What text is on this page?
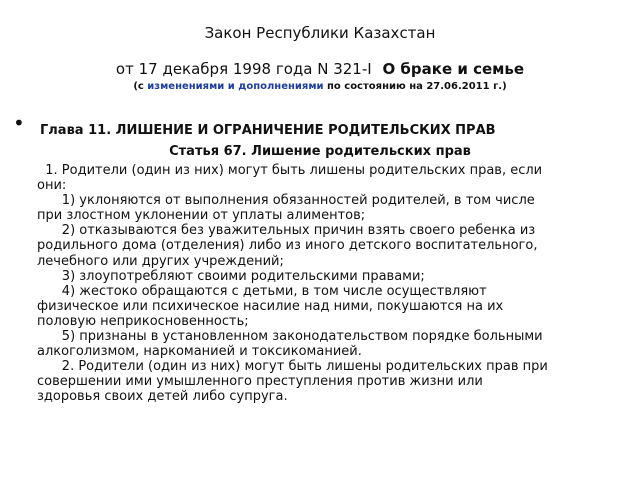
Закон Республики Казахстан
от 17 декабря 1998 года N 321-I О браке и семье
(с изменениями и дополнениями по состоянию на 27.06.2011 г.)
• Глава 11. ЛИШЕНИЕ И ОГРАНИЧЕНИЕ РОДИТЕЛЬСКИХ ПРАВ
Статья 67. Лишение родительских прав
1. Родители (один из них) могут быть лишены родительских прав, если
они:
1) уклоняются от выполнения обязанностей родителей, в том числе
при злостном уклонении от уплаты алиментов;
2) отказываются без уважительных причин взять своего ребенка из
родильного дома (отделения) либо из иного детского воспитательного,
лечебного или других учреждений;
3) злоупотребляют своими родительскими правами;
4) жестоко обращаются с детьми, в том числе осуществляют
физическое или психическое насилие над ними, покушаются на их
половую неприкосновенность;
5) признаны в установленном законодательством порядке больными
алкоголизмом, наркоманией и токсикоманией.
2. Родители (один из них) могут быть лишены родительских прав при
совершении ими умышленного преступления против жизни или
здоровья своих детей либо супруга.
